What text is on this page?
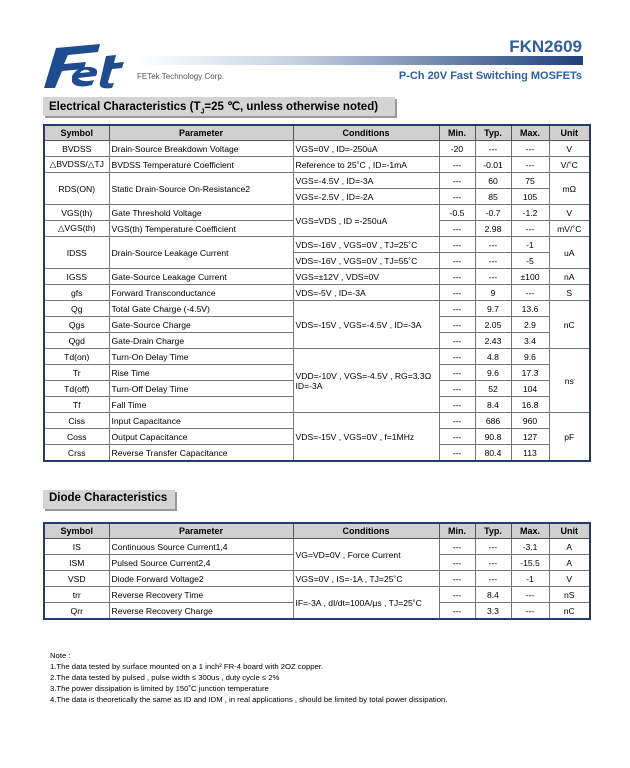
FETek Technology Corp.
FKN2609
P-Ch 20V Fast Switching MOSFETs
Electrical Characteristics ($T_J=25$ ℃, unless otherwise noted)
Symbol	Parameter	Conditions	Min.	Typ.	Max.	Unit
BVDSS	Drain-Source Breakdown Voltage	VGS=0V , ID=-250uA	-20	---	---	V
△BVDSS/△TJ	BVDSS Temperature Coefficient	Reference to 25˚C , ID=-1mA	---	-0.01	---	V/˚C
RDS(ON)	Static Drain-Source On-Resistance2	VGS=-4.5V , ID=-3A	---	60	75	mΩ
		VGS=-2.5V , ID=-2A	---	85	105	
VGS(th)	Gate Threshold Voltage	VGS=VDS , ID =-250uA	-0.5	-0.7	-1.2	V
△VGS(th)	VGS(th) Temperature Coefficient		---	2.98	---	mV/˚C
IDSS	Drain-Source Leakage Current	VDS=-16V , VGS=0V , TJ=25˚C	---	---	-1	uA
		VDS=-16V , VGS=0V , TJ=55˚C	---	---	-5	
IGSS	Gate-Source Leakage Current	VGS=±12V , VDS=0V	---	---	±100	nA
gfs	Forward Transconductance	VDS=-5V , ID=-3A	---	9	---	S
Qg	Total Gate Charge (-4.5V)	VDS=-15V , VGS=-4.5V , ID=-3A	---	9.7	13.6	nC
Qgs	Gate-Source Charge		---	2.05	2.9	
Qgd	Gate-Drain Charge		---	2.43	3.4	
Td(on)	Turn-On Delay Time	VDD=-10V , VGS=-4.5V , RG=3.3Ω ID=-3A	---	4.8	9.6	ns
Tr	Rise Time		---	9.6	17.3	
Td(off)	Turn-Off Delay Time		---	52	104	
Tf	Fall Time		---	8.4	16.8	
Ciss	Input Capacitance	VDS=-15V , VGS=0V , f=1MHz	---	686	960	pF
Coss	Output Capacitance		---	90.8	127	
Crss	Reverse Transfer Capacitance		---	80.4	113	
Diode Characteristics
Symbol	Parameter	Conditions	Min.	Typ.	Max.	Unit
IS	Continuous Source Current1,4	VG=VD=0V , Force Current	---	---	-3.1	A
ISM	Pulsed Source Current2,4		---	---	-15.5	A
VSD	Diode Forward Voltage2	VGS=0V , IS=-1A , TJ=25˚C	---	---	-1	V
trr	Reverse Recovery Time	IF=-3A , dI/dt=100A/μs , TJ=25˚C	---	8.4	---	nS
Qrr	Reverse Recovery Charge		---	3.3	---	nC
Note :
1.The data tested by surface mounted on a 1 inch² FR-4 board with 2OZ copper.
2.The data tested by pulsed , pulse width ≤ 300us , duty cycle ≤ 2%
3.The power dissipation is limited by 150˚C junction temperature
4.The data is theoretically the same as ID and IDM , in real applications , should be limited by total power dissipation.
